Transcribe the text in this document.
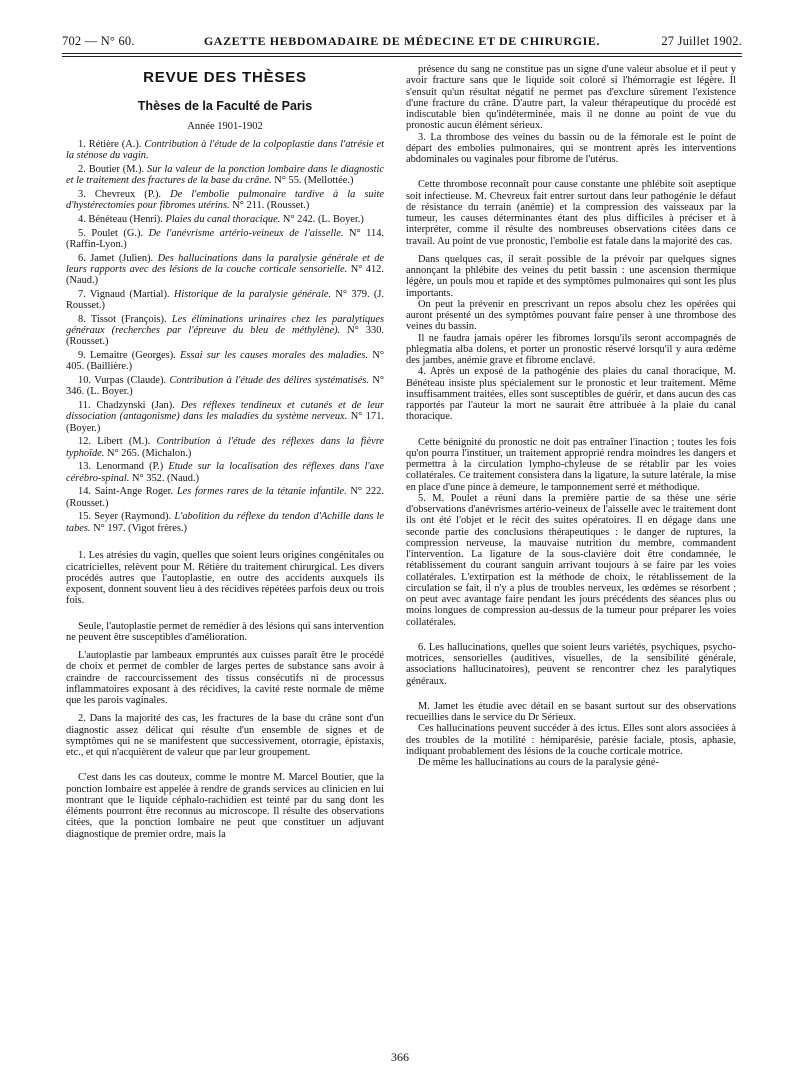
702 — N° 60.	GAZETTE HEBDOMADAIRE DE MÉDECINE ET DE CHIRURGIE.	27 Juillet 1902.
REVUE DES THÈSES
Thèses de la Faculté de Paris
Année 1901-1902

1. Rétière (A.). Contribution à l'étude de la colpoplastie dans l'atrésie et la sténose du vagin.

2. Boutier (M.). Sur la valeur de la ponction lombaire dans le diagnostic et le traitement des fractures de la base du crâne. N° 55. (Mellottée.)

3. Chevreux (P.). De l'embolie pulmonaire tardive à la suite d'hystérectomies pour fibromes utérins. N° 211. (Rousset.)

4. Bénéteau (Henri). Plaies du canal thoracique. N° 242. (L. Boyer.)

5. Poulet (G.). De l'anévrisme artério-veineux de l'aisselle. N° 114. (Raffin-Lyon.)

6. Jamet (Julien). Des hallucinations dans la paralysie générale et de leurs rapports avec des lésions de la couche corticale sensorielle. N° 412. (Naud.)

7. Vignaud (Martial). Historique de la paralysie générale. N° 379. (J. Rousset.)

8. Tissot (François). Les éliminations urinaires chez les paralytiques généraux (recherches par l'épreuve du bleu de méthylène). N° 330. (Rousset.)

9. Lemaitre (Georges). Essai sur les causes morales des maladies. N° 405. (Baillière.)

10. Vurpas (Claude). Contribution à l'étude des délires systématisés. N° 346. (L. Boyer.)

11. Chadzynski (Jan). Des réflexes tendineux et cutanés et de leur dissociation (antagonisme) dans les maladies du système nerveux. N° 171. (Boyer.)

12. Libert (M.). Contribution à l'étude des réflexes dans la fièvre typhoïde. N° 265. (Michalon.)

13. Lenormand (P.) Etude sur la localisation des réflexes dans l'axe cérébro-spinal. N° 352. (Naud.)

14. Saint-Ange Roger. Les formes rares de la tétanie infantile. N° 222. (Rousset.)

15. Seyer (Raymond). L'abolition du réflexe du tendon d'Achille dans le tabes. N° 197. (Vigot frères.)

1. Les atrésies du vagin, quelles que soient leurs origines congénitales ou cicatricielles, relèvent pour M. Rétière du traitement chirurgical. Les divers procédés autres que l'autoplastie, en outre des accidents auxquels ils exposent, donnent souvent lieu à des récidives répétées parfois deux ou trois fois.

Seule, l'autoplastie permet de remédier à des lésions qui sans intervention ne peuvent être susceptibles d'amélioration.

L'autoplastie par lambeaux empruntés aux cuisses paraît être le procédé de choix et permet de combler de larges pertes de substance sans avoir à craindre de raccourcissement des tissus consécutifs ni de processus inflammatoires exposant à des récidives, la cavité reste normale de même que les parois vaginales.

2. Dans la majorité des cas, les fractures de la base du crâne sont d'un diagnostic assez délicat qui résulte d'un ensemble de signes et de symptômes qui ne se manifestent que successivement, otorragie, épistaxis, etc., et qui n'acquièrent de valeur que par leur groupement.

C'est dans les cas douteux, comme le montre M. Marcel Boutier, que la ponction lombaire est appelée à rendre de grands services au clinicien en lui montrant que le liquide céphalo-rachidien est teinté par du sang dont les éléments pourront être reconnus au microscope. Il résulte des observations citées, que la ponction lombaire ne peut que constituer un adjuvant diagnostique de premier ordre, mais la

présence du sang ne constitue pas un signe d'une valeur absolue et il peut y avoir fracture sans que le liquide soit coloré si l'hémorragie est légère. Il s'ensuit qu'un résultat négatif ne permet pas d'exclure sûrement l'existence d'une fracture du crâne. D'autre part, la valeur thérapeutique du procédé est indiscutable bien qu'indéterminée, mais il ne donne au point de vue du pronostic aucun élément sérieux.

3. La thrombose des veines du bassin ou de la fémorale est le point de départ des embolies pulmonaires, qui se montrent après les interventions abdominales ou vaginales pour fibrome de l'utérus.

Cette thrombose reconnaît pour cause constante une phlébite soit aseptique soit infectieuse. M. Chevreux fait entrer surtout dans leur pathogénie le défaut de résistance du terrain (anémie) et la compression des vaisseaux par la tumeur, les causes déterminantes étant des plus difficiles à préciser et à interpréter, comme il résulte des nombreuses observations citées dans ce travail. Au point de vue pronostic, l'embolie est fatale dans la majorité des cas.

Dans quelques cas, il serait possible de la prévoir par quelques signes annonçant la phlébite des veines du petit bassin : une ascension thermique légère, un pouls mou et rapide et des symptômes pulmonaires qui sont les plus importants.

On peut la prévenir en prescrivant un repos absolu chez les opérées qui auront présenté un des symptômes pouvant faire penser à une thrombose des veines du bassin.

Il ne faudra jamais opérer les fibromes lorsqu'ils seront accompagnés de phlegmatia alba dolens, et porter un pronostic réservé lorsqu'il y aura œdème des jambes, anémie grave et fibrome enclavé.

4. Après un exposé de la pathogénie des plaies du canal thoracique, M. Bénéteau insiste plus spécialement sur le pronostic et leur traitement. Même insuffisamment traitées, elles sont susceptibles de guérir, et dans aucun des cas rapportés par l'auteur la mort ne saurait être attribuée à la plaie du canal thoracique.

Cette bénignité du pronostic ne doit pas entraîner l'inaction ; toutes les fois qu'on pourra l'instituer, un traitement approprié rendra moindres les dangers et permettra à la circulation lympho-chyleuse de se rétablir par les voies collatérales. Ce traitement consistera dans la ligature, la suture latérale, la mise en place d'une pince à demeure, le tamponnement serré et méthodique.

5. M. Poulet a réuni dans la première partie de sa thèse une série d'observations d'anévrismes artério-veineux de l'aisselle avec le traitement dont ils ont été l'objet et le récit des suites opératoires. Il en dégage dans une seconde partie des conclusions thérapeutiques : le danger de ruptures, la compression nerveuse, la mauvaise nutrition du membre, commandent l'intervention. La ligature de la sous-clavière doit être condamnée, le rétablissement du courant sanguin arrivant toujours à se faire par les voies collatérales. L'extirpation est la méthode de choix, le rétablissement de la circulation se fait, il n'y a plus de troubles nerveux, les œdèmes se résorbent ; on peut avec avantage faire pendant les jours précédents des séances plus ou moins longues de compression au-dessus de la tumeur pour préparer les voies collatérales.

6. Les hallucinations, quelles que soient leurs variétés, psychiques, psycho-motrices, sensorielles (auditives, visuelles, de la sensibilité générale, associations hallucinatoires), peuvent se rencontrer chez les paralytiques généraux.

M. Jamet les étudie avec détail en se basant surtout sur des observations recueillies dans le service du Dr Sérieux.

Ces hallucinations peuvent succéder à des ictus. Elles sont alors associées à des troubles de la motilité : hémiparésie, parésie faciale, ptosis, aphasie, indiquant probablement des lésions de la couche corticale motrice.

De même les hallucinations au cours de la paralysie géné-

366
